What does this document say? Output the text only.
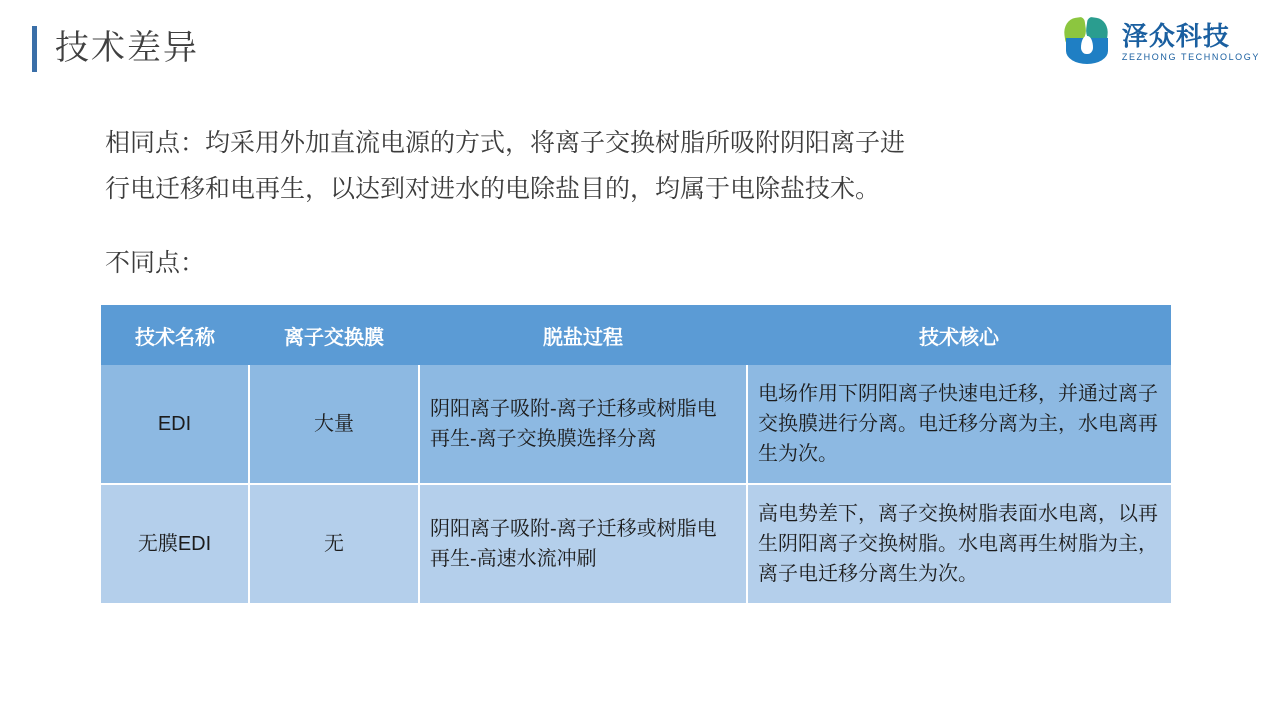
技术差异	泽众科技
ZEZHONG TECHNOLOGY
相同点：均采用外加直流电源的方式，将离子交换树脂所吸附阴阳离子进
行电迁移和电再生，以达到对进水的电除盐目的，均属于电除盐技术。
不同点：
技术名称	离子交换膜	脱盐过程	技术核心
EDI	大量	阴阳离子吸附-离子迁移或树脂电再生-离子交换膜选择分离	电场作用下阴阳离子快速电迁移，并通过离子交换膜进行分离。电迁移分离为主，水电离再生为次。
无膜EDI	无	阴阳离子吸附-离子迁移或树脂电再生-高速水流冲刷	高电势差下，离子交换树脂表面水电离，以再生阴阳离子交换树脂。水电离再生树脂为主，离子电迁移分离生为次。
